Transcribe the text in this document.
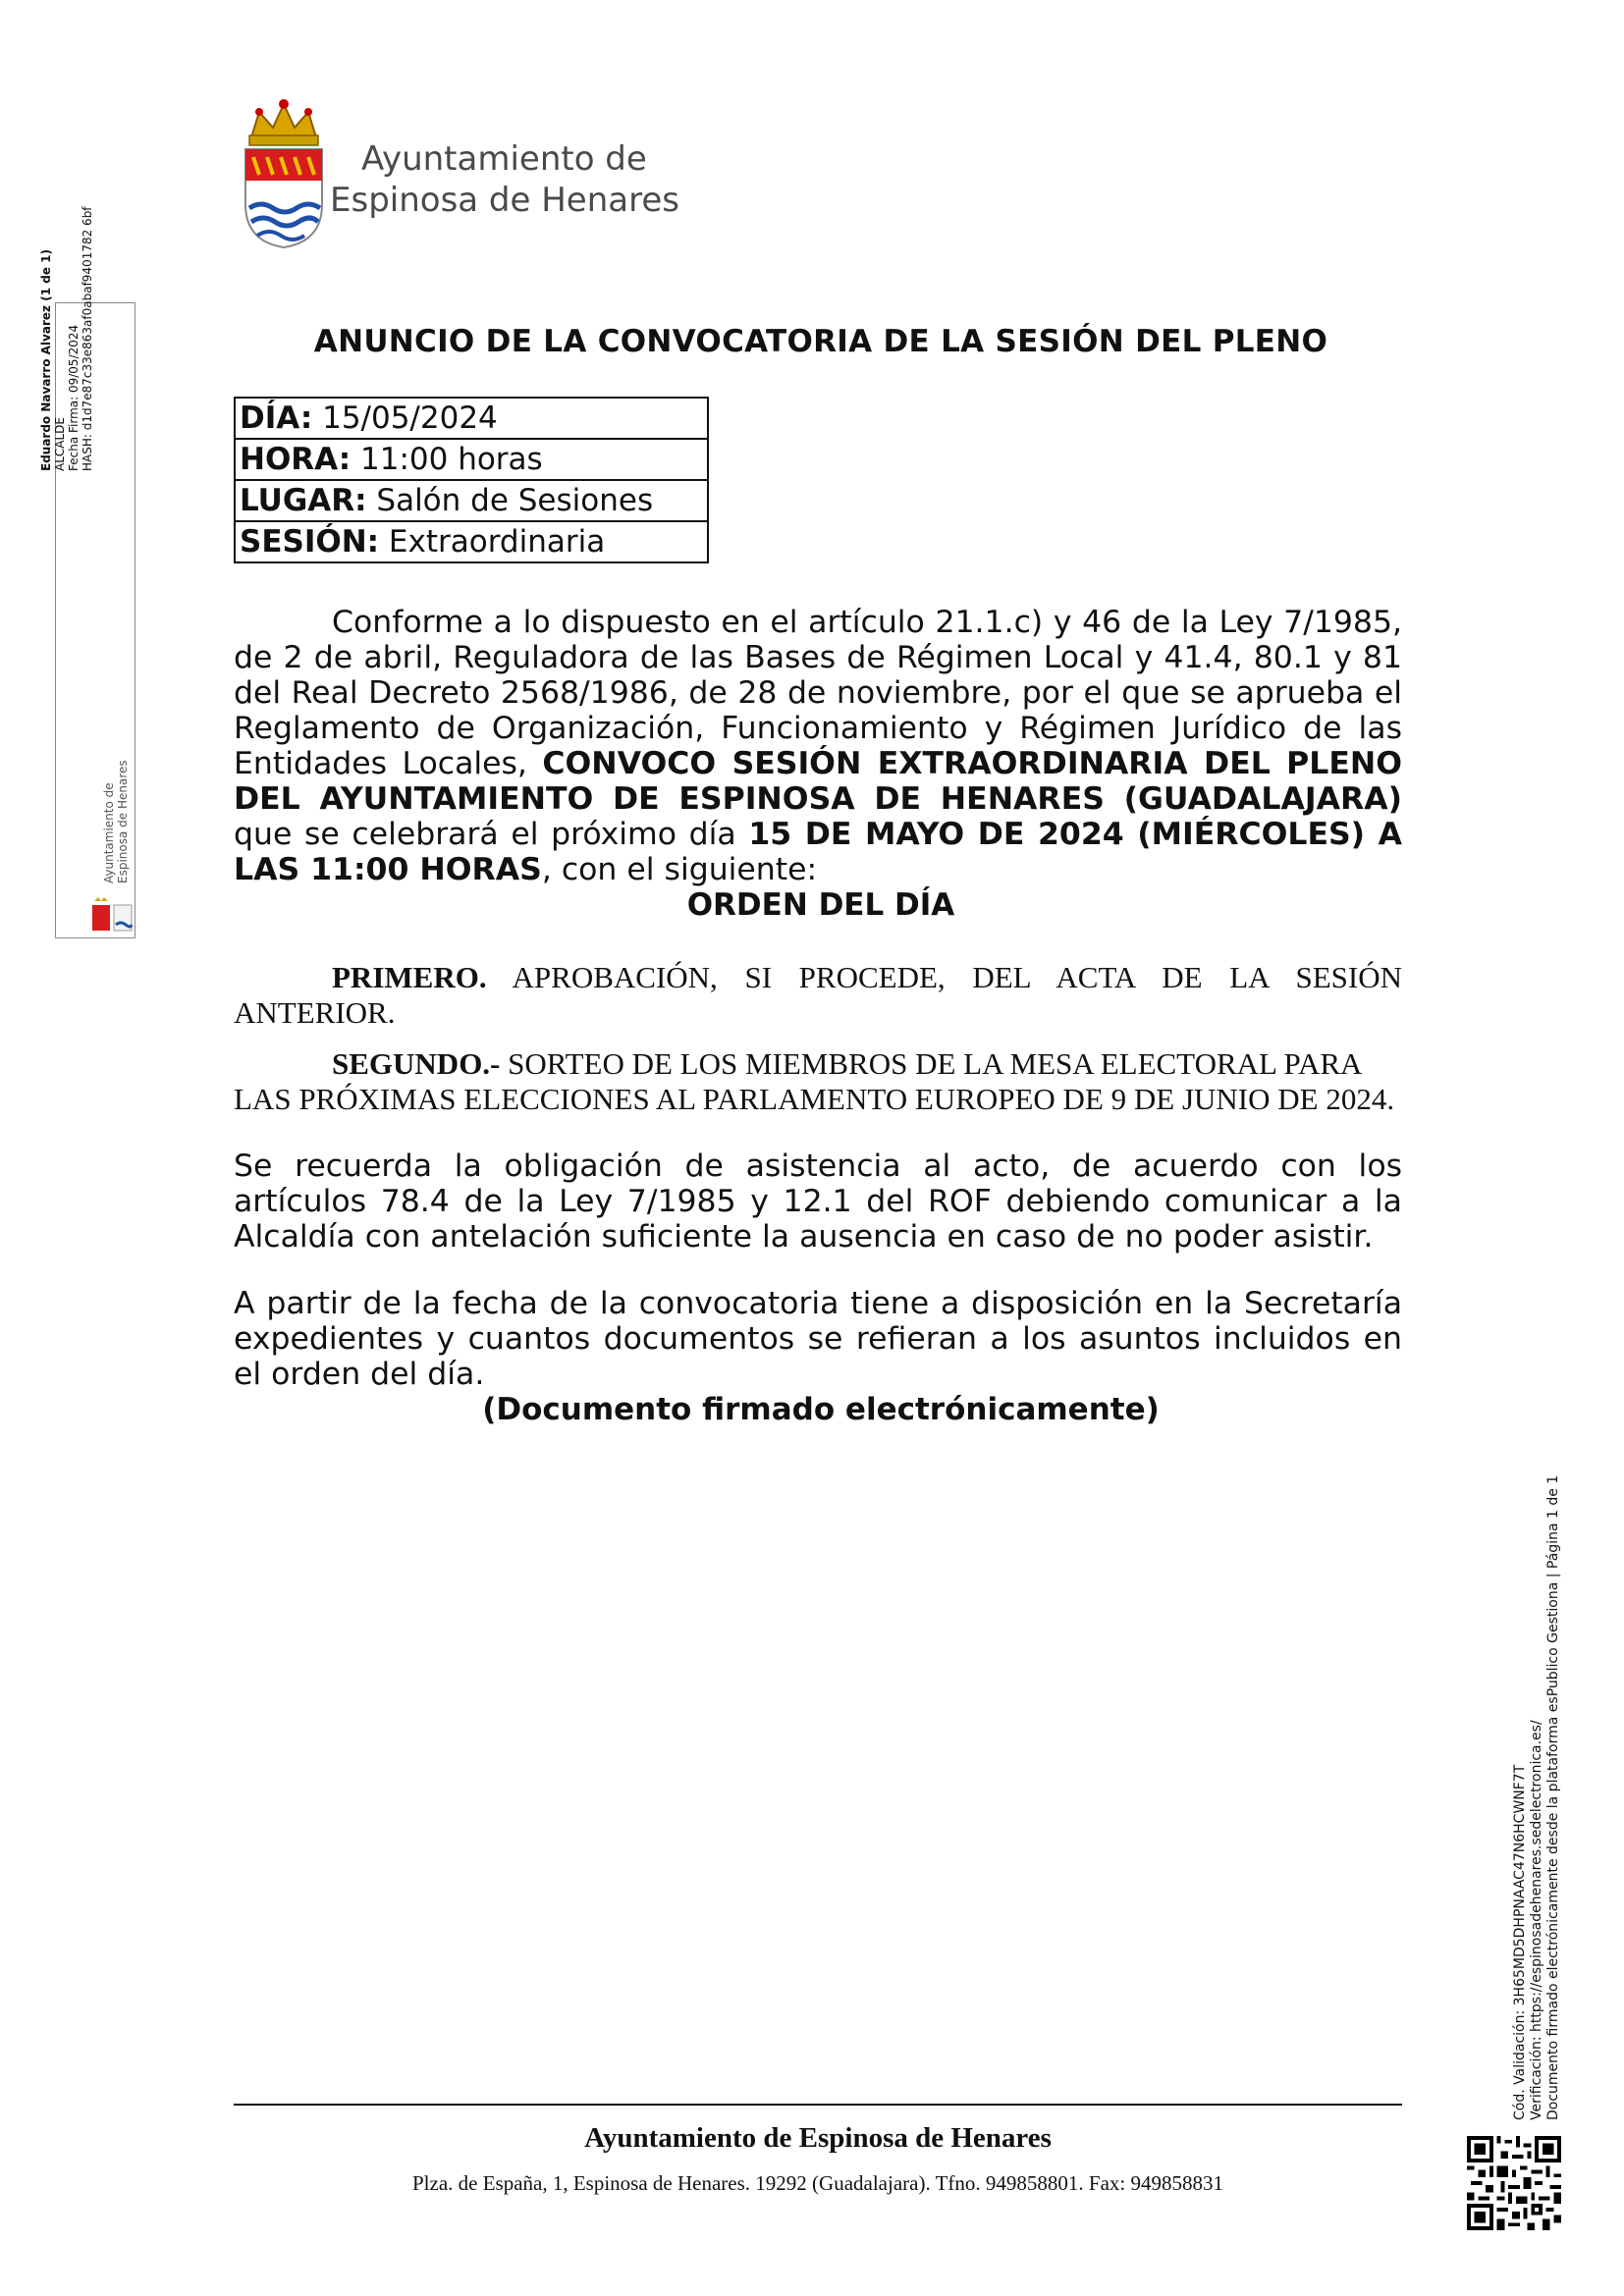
Ayuntamiento de
Espinosa de Henares
Eduardo Navarro Alvarez (1 de 1) ALCALDE Fecha Firma: 09/05/2024 HASH: d1d7e87c33e863af0abaf9401782 6bf
Ayuntamiento de Espinosa de Henares
ANUNCIO DE LA CONVOCATORIA DE LA SESIÓN DEL PLENO
DÍA: 15/05/2024
HORA: 11:00 horas
LUGAR: Salón de Sesiones
SESIÓN: Extraordinaria
Conforme a lo dispuesto en el artículo 21.1.c) y 46 de la Ley 7/1985, de 2 de abril, Reguladora de las Bases de Régimen Local y 41.4, 80.1 y 81 del Real Decreto 2568/1986, de 28 de noviembre, por el que se aprueba el Reglamento de Organización, Funcionamiento y Régimen Jurídico de las Entidades Locales, CONVOCO SESIÓN EXTRAORDINARIA DEL PLENO DEL AYUNTAMIENTO DE ESPINOSA DE HENARES (GUADALAJARA) que se celebrará el próximo día 15 DE MAYO DE 2024 (MIÉRCOLES) A LAS 11:00 HORAS, con el siguiente:
ORDEN DEL DÍA
PRIMERO. APROBACIÓN, SI PROCEDE, DEL ACTA DE LA SESIÓN
ANTERIOR.
SEGUNDO.- SORTEO DE LOS MIEMBROS DE LA MESA ELECTORAL PARA
LAS PRÓXIMAS ELECCIONES AL PARLAMENTO EUROPEO DE 9 DE JUNIO DE 2024.
Se recuerda la obligación de asistencia al acto, de acuerdo con los artículos 78.4 de la Ley 7/1985 y 12.1 del ROF debiendo comunicar a la Alcaldía con antelación suficiente la ausencia en caso de no poder asistir.
A partir de la fecha de la convocatoria tiene a disposición en la Secretaría expedientes y cuantos documentos se refieran a los asuntos incluidos en el orden del día.
(Documento firmado electrónicamente)
Ayuntamiento de Espinosa de Henares
Plza. de España, 1, Espinosa de Henares. 19292 (Guadalajara). Tfno. 949858801. Fax: 949858831
Cód. Validación: 3H65MD5DHPNAAC47N6HCWNF7T Verificación: https://espinosadehenares.sedelectronica.es/ Documento firmado electrónicamente desde la plataforma esPublico Gestiona | Página 1 de 1
